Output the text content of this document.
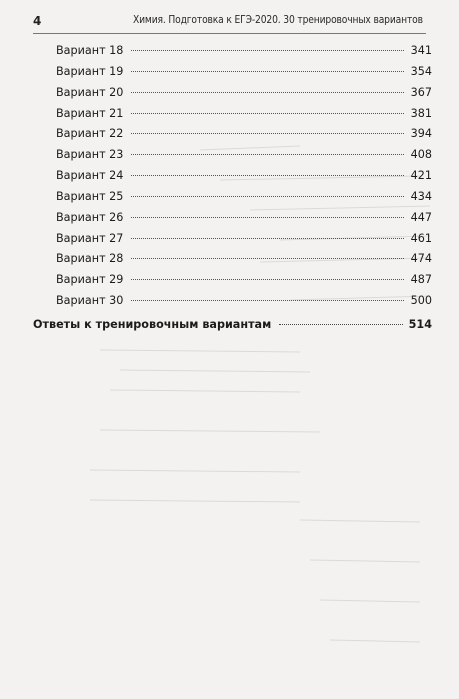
4	Химия. Подготовка к ЕГЭ-2020. 30 тренировочных вариантов
Вариант 18	341
Вариант 19	354
Вариант 20	367
Вариант 21	381
Вариант 22	394
Вариант 23	408
Вариант 24	421
Вариант 25	434
Вариант 26	447
Вариант 27	461
Вариант 28	474
Вариант 29	487
Вариант 30	500
Ответы к тренировочным вариантам	514
